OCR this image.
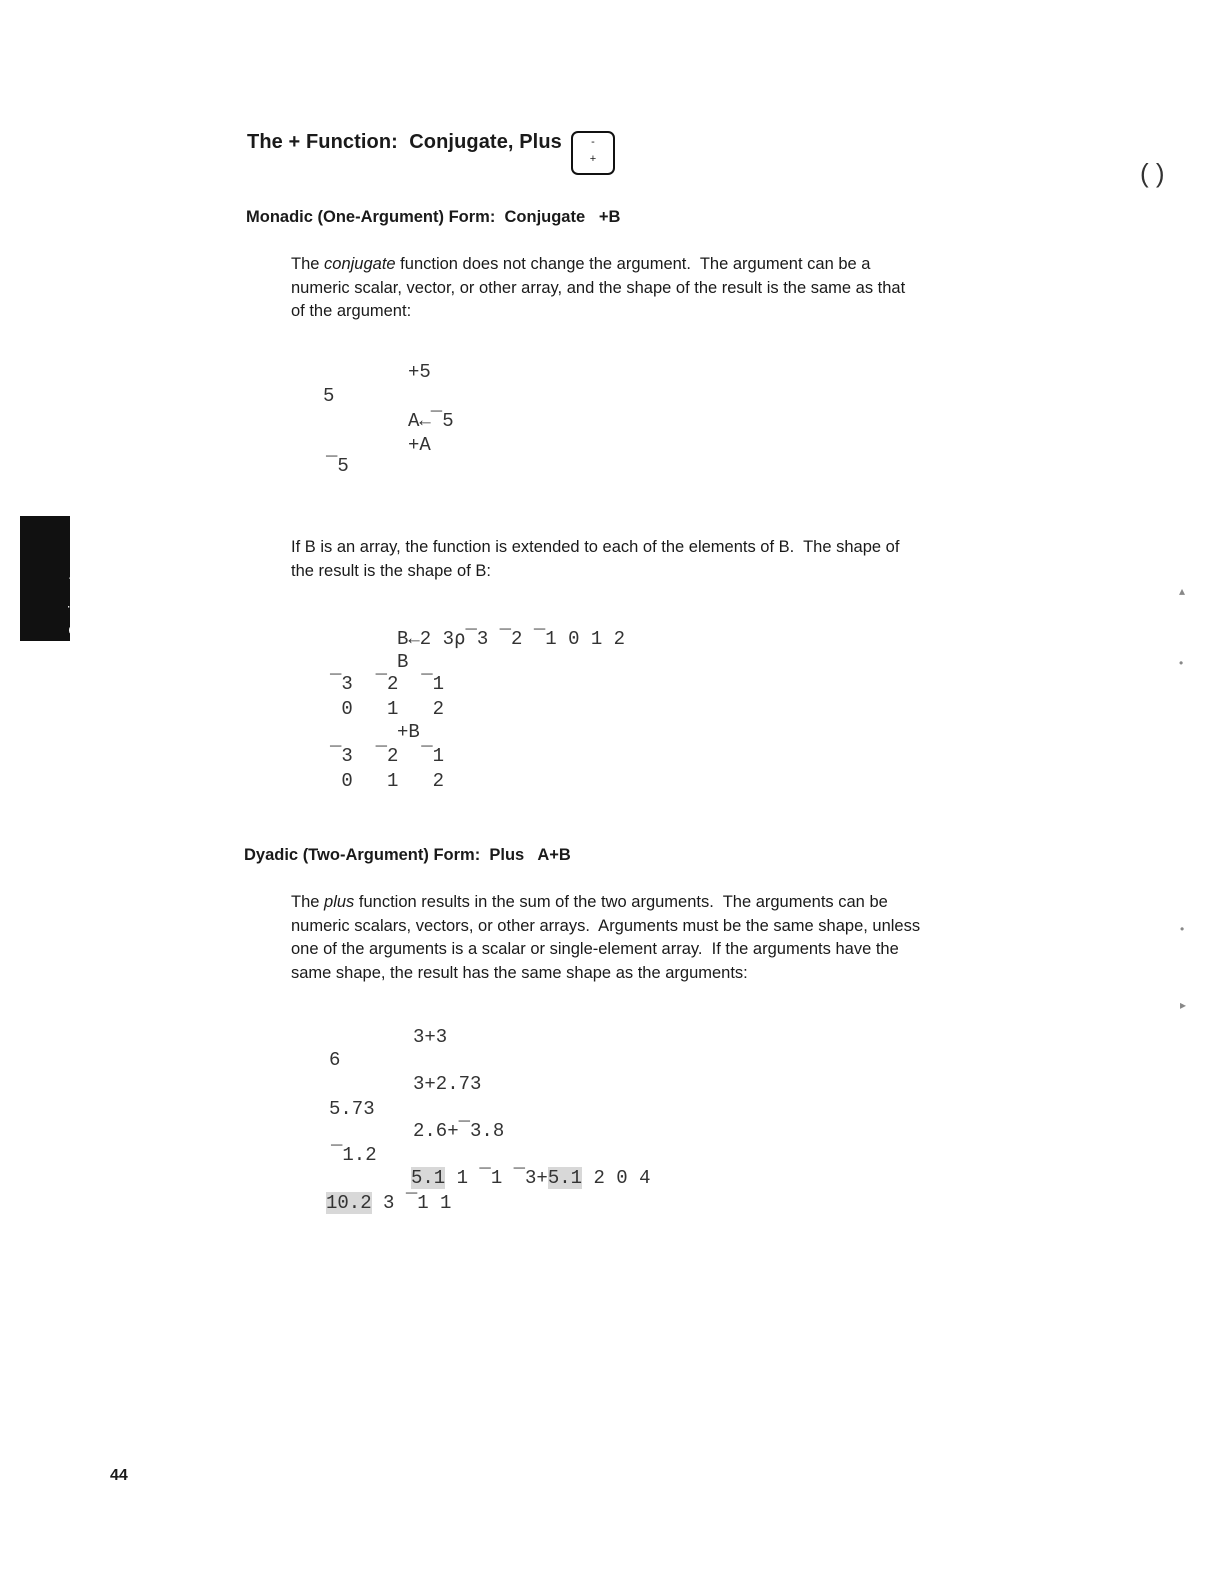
The + Function:  Conjugate, Plus	-
+
Monadic (One-Argument) Form:  Conjugate   +B
The conjugate function does not change the argument.  The argument can be a
numeric scalar, vector, or other array, and the shape of the result is the same as that
of the argument:
+5
5
A←¯5
+A
¯5
If B is an array, the function is extended to each of the elements of B.  The shape of
the result is the shape of B:
B←2 3⍴¯3 ¯2 ¯1 0 1 2
B
¯3  ¯2  ¯1
0   1   2
+B
¯3  ¯2  ¯1
0   1   2
Dyadic (Two-Argument) Form:  Plus   A+B
The plus function results in the sum of the two arguments.  The arguments can be
numeric scalars, vectors, or other arrays.  Arguments must be the same shape, unless
one of the arguments is a scalar or single-element array.  If the arguments have the
same shape, the result has the same shape as the arguments:
3+3
6
3+2.73
5.73
2.6+¯3.8
¯1.2
5.1 1 ¯1 ¯3+5.1 2 0 4
10.2 3 ¯1 1

Conjugate

	Plus

44
( )
▴
•
•
▸
